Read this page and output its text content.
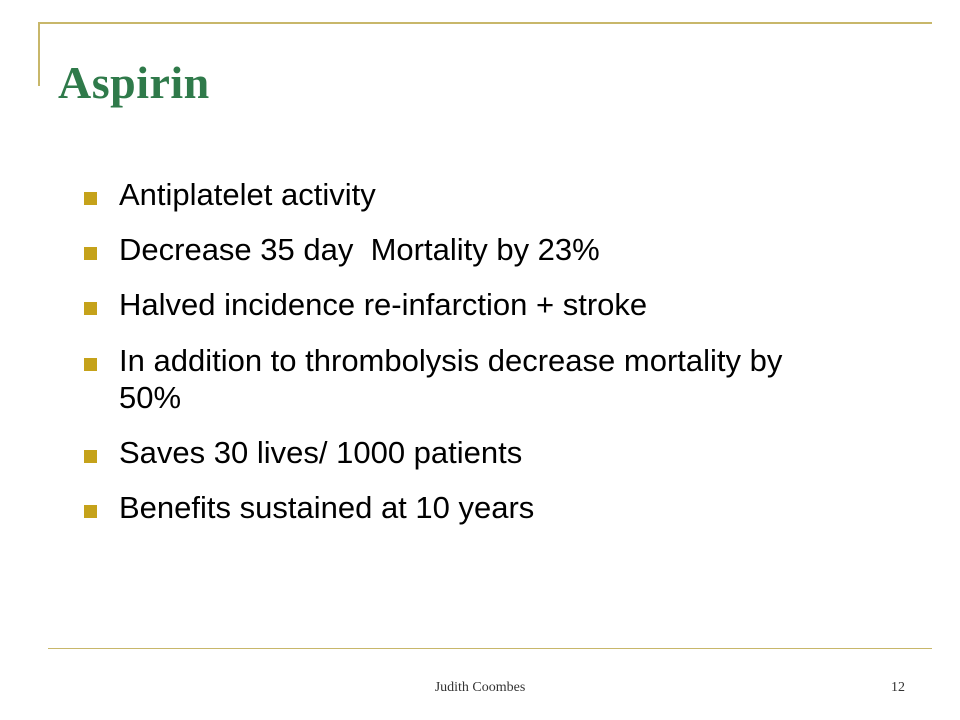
Aspirin
Antiplatelet activity
Decrease 35 day  Mortality by 23%
Halved incidence re-infarction + stroke
In addition to thrombolysis decrease mortality by 50%
Saves 30 lives/ 1000 patients
Benefits sustained at 10 years
Judith Coombes	12
